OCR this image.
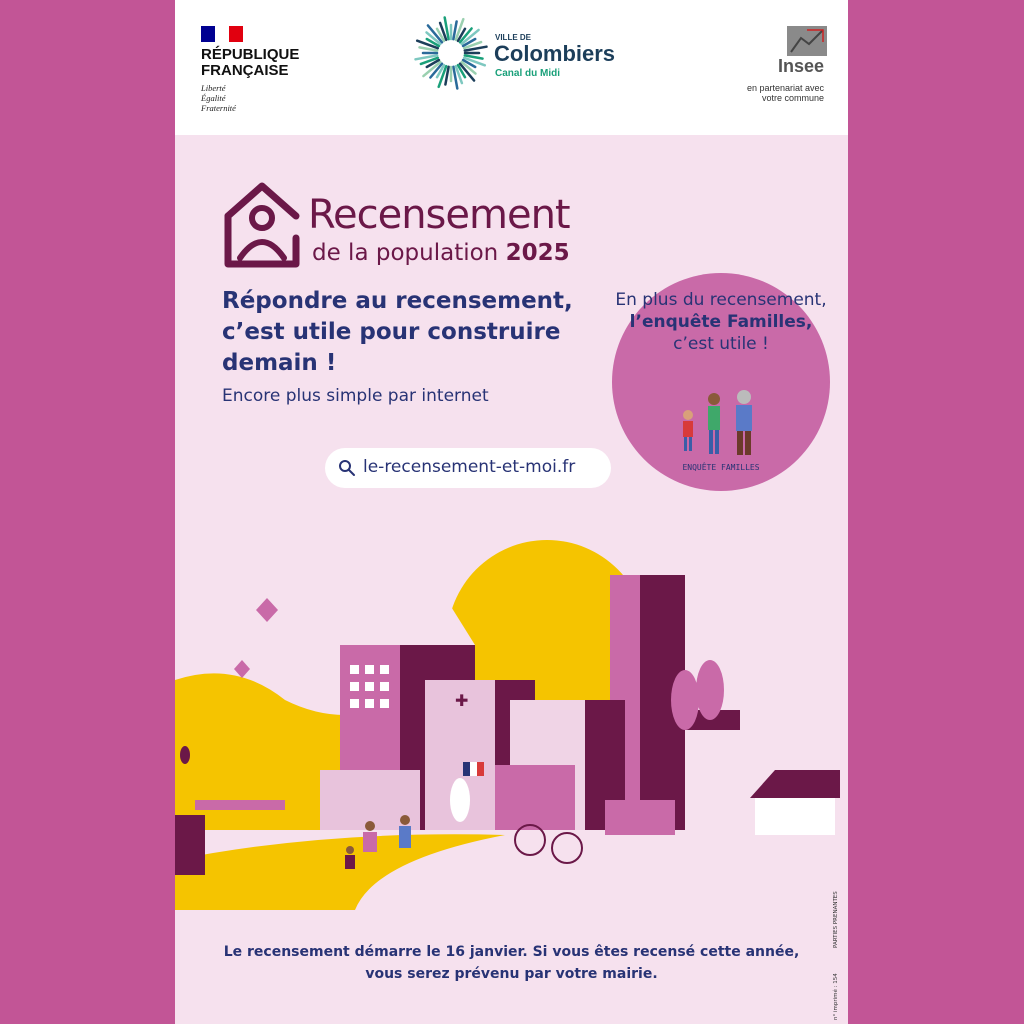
RÉPUBLIQUE
FRANÇAISE
Liberté
Égalité
Fraternité
VILLE DE
Colombiers
Canal du Midi	Insee
en partenariat avec votre commune
Recensement
de la population 2025
Répondre au recensement, c’est utile pour construire demain !
Encore plus simple par internet
le-recensement-et-moi.fr
En plus du recensement,
l’enquête Familles,
c’est utile !
ENQUÊTE FAMILLES
✚
Le recensement démarre le 16 janvier. Si vous êtes recensé cette année,
vous serez prévenu par votre mairie.	n° imprimé : 154
PARTIES PRENANTES
